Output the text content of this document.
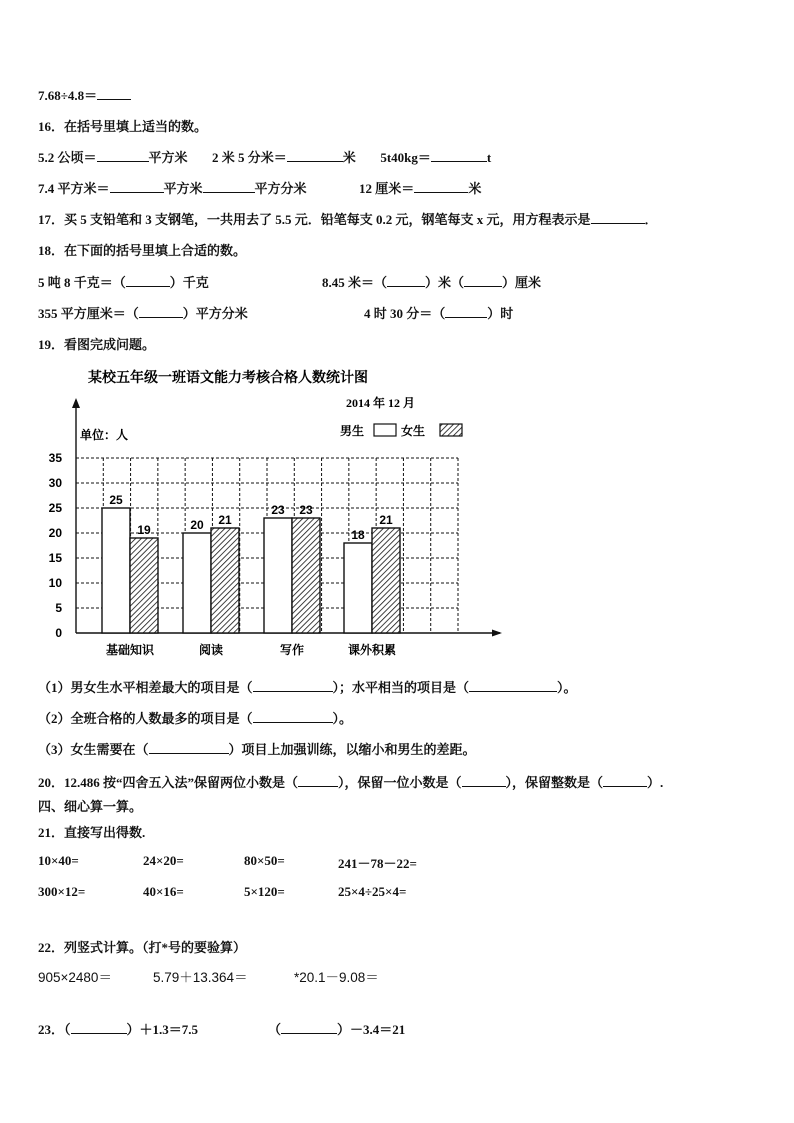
7.68÷4.8＝
16．在括号里填上适当的数。
5.2 公顷＝	平方米 2 米 5 分米＝	米 5t40kg＝	t
7.4 平方米＝	平方米	平方分米	12 厘米＝	米
17．买 5 支铅笔和 3 支钢笔，一共用去了 5.5 元．铅笔每支 0.2 元，钢笔每支 x 元，用方程表示是	．
18．在下面的括号里填上合适的数。
5 吨 8 千克＝（	）千克	8.45 米＝（	）米（	）厘米
355 平方厘米＝（	）平方分米	4 时 30 分＝（	）时
19．看图完成问题。
某校五年级一班语文能力考核合格人数统计图
2014 年 12 月
单位：人	男生	女生
0
5
10
15
20
25
30
35
25
19
基础知识
20 21
阅读
23 23
写作
18
21
课外积累
（1）男女生水平相差最大的项目是（	）；水平相当的项目是（	）。
（2）全班合格的人数最多的项目是（	）。
（3）女生需要在（	）项目上加强训练，以缩小和男生的差距。
20．12.486 按“四舍五入法”保留两位小数是（	），保留一位小数是（	），保留整数是（	）.
四、细心算一算。
21．直接写出得数.
10×40=	24×20=	80×50=	241－78－22=
300×12=	40×16=	5×120=	25×4÷25×4=
22．列竖式计算。（打*号的要验算）
905×2480＝	5.79＋13.364＝	*20.1－9.08＝
23．（	）＋1.3＝7.5	（	）－3.4＝21
